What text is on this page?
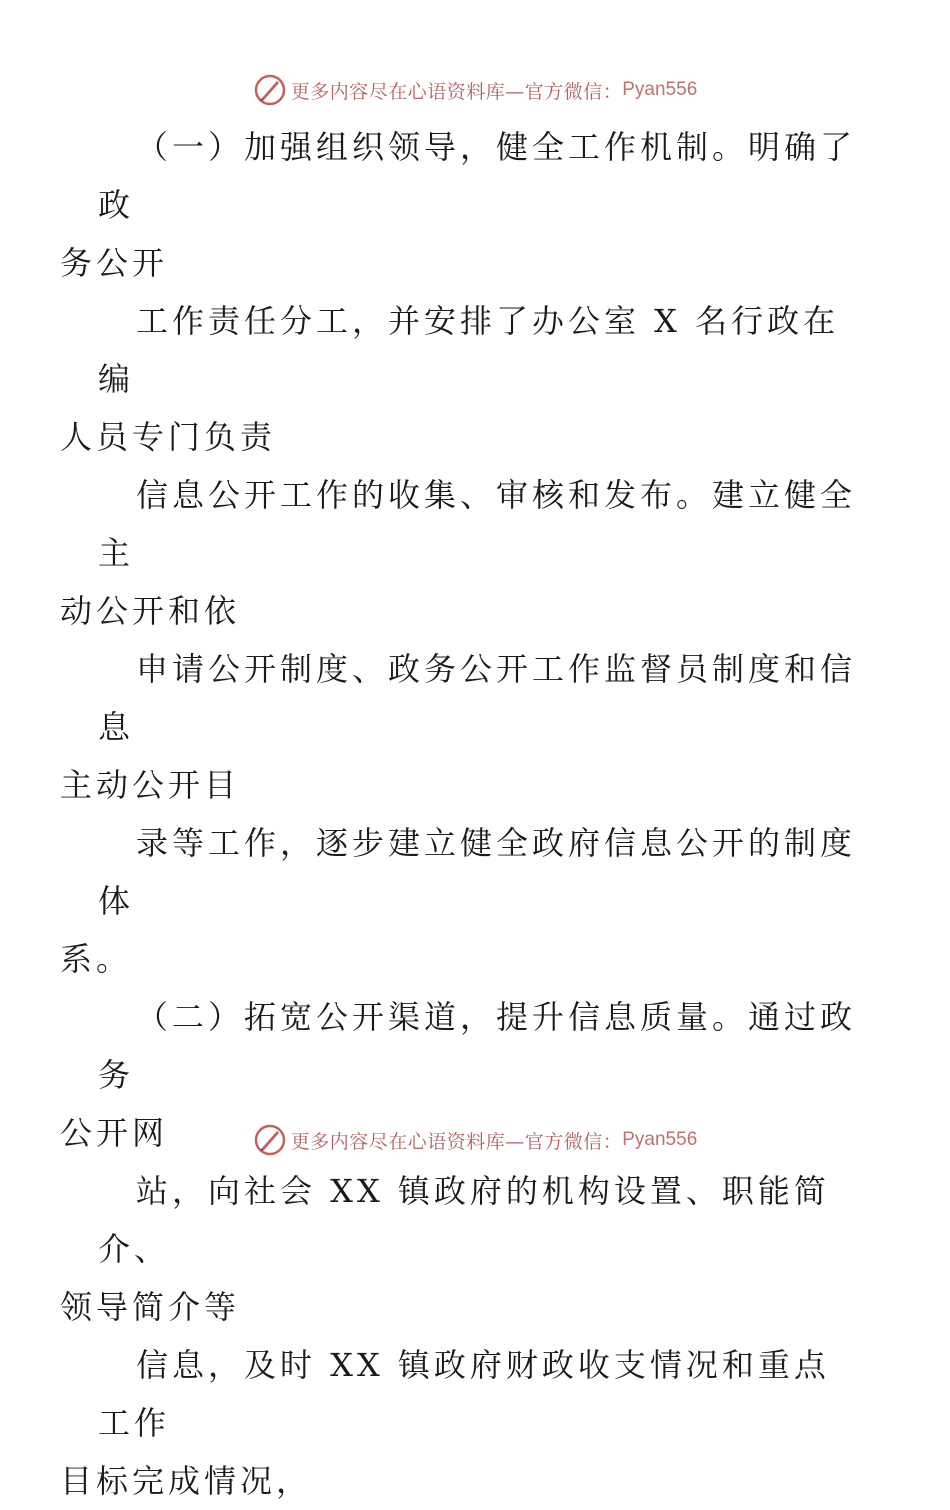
更多内容尽在心语资料库—官方微信： Pyan556

（一）加强组织领导，健全工作机制。明确了政
务公开

工作责任分工，并安排了办公室 X 名行政在编
人员专门负责

信息公开工作的收集、审核和发布。建立健全主
动公开和依

申请公开制度、政务公开工作监督员制度和信息
主动公开目

录等工作，逐步建立健全政府信息公开的制度体
系。

（二）拓宽公开渠道，提升信息质量。通过政务
公开网

站，向社会 XX 镇政府的机构设置、职能简介、
领导简介等

信息，及时 XX 镇政府财政收支情况和重点工作
目标完成情况，

更多内容尽在心语资料库—官方微信： Pyan556
